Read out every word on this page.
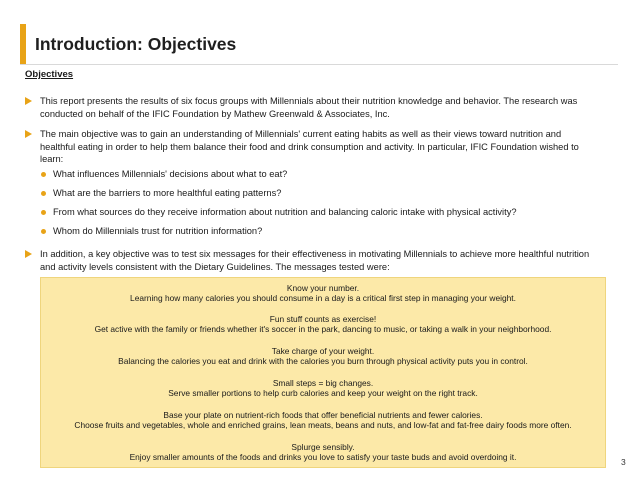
Introduction: Objectives
Objectives
This report presents the results of six focus groups with Millennials about their nutrition knowledge and behavior. The research was
conducted on behalf of the IFIC Foundation by Mathew Greenwald & Associates, Inc.
The main objective was to gain an understanding of Millennials' current eating habits as well as their views toward nutrition and
healthful eating in order to help them balance their food and drink consumption and activity. In particular, IFIC Foundation wished to
learn:
What influences Millennials' decisions about what to eat?
What are the barriers to more healthful eating patterns?
From what sources do they receive information about nutrition and balancing caloric intake with physical activity?
Whom do Millennials trust for nutrition information?
In addition, a key objective was to test six messages for their effectiveness in motivating Millennials to achieve more healthful nutrition
and activity levels consistent with the Dietary Guidelines. The messages tested were:
Know your number.
Learning how many calories you should consume in a day is a critical first step in managing your weight.
Fun stuff counts as exercise!
Get active with the family or friends whether it's soccer in the park, dancing to music, or taking a walk in your neighborhood.
Take charge of your weight.
Balancing the calories you eat and drink with the calories you burn through physical activity puts you in control.
Small steps = big changes.
Serve smaller portions to help curb calories and keep your weight on the right track.
Base your plate on nutrient-rich foods that offer beneficial nutrients and fewer calories.
Choose fruits and vegetables, whole and enriched grains, lean meats, beans and nuts, and low-fat and fat-free dairy foods more often.
Splurge sensibly.
Enjoy smaller amounts of the foods and drinks you love to satisfy your taste buds and avoid overdoing it.	3
